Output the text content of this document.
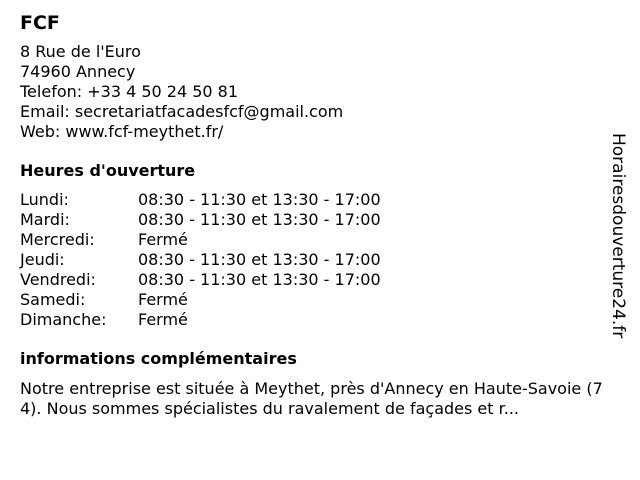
FCF
8 Rue de l'Euro
74960 Annecy
Telefon: +33 4 50 24 50 81
Email: secretariatfacadesfcf@gmail.com
Web: www.fcf-meythet.fr/
Heures d'ouverture
Lundi:	08:30 - 11:30 et 13:30 - 17:00
Mardi:	08:30 - 11:30 et 13:30 - 17:00
Mercredi:	Fermé
Jeudi:	08:30 - 11:30 et 13:30 - 17:00
Vendredi:	08:30 - 11:30 et 13:30 - 17:00
Samedi:	Fermé
Dimanche:	Fermé
informations complémentaires
Notre entreprise est située à Meythet, près d'Annecy en Haute-Savoie (74). Nous sommes spécialistes du ravalement de façades et r...
Horairesdouverture24.fr
